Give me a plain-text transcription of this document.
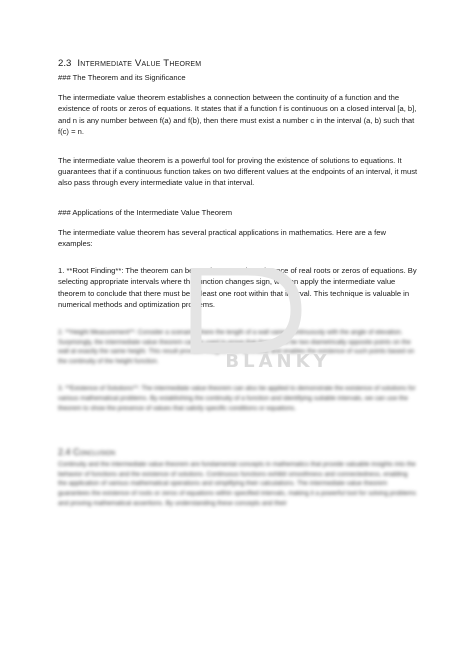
2.3 Intermediate Value Theorem

### The Theorem and its Significance

The intermediate value theorem establishes a connection between the continuity of a function and the existence of roots or zeros of equations. It states that if a function f is continuous on a closed interval [a, b], and n is any number between f(a) and f(b), then there must exist a number c in the interval (a, b) such that f(c) = n.

The intermediate value theorem is a powerful tool for proving the existence of solutions to equations. It guarantees that if a continuous function takes on two different values at the endpoints of an interval, it must also pass through every intermediate value in that interval.

### Applications of the Intermediate Value Theorem

The intermediate value theorem has several practical applications in mathematics. Here are a few examples:

1. **Root Finding**: The theorem can be used to prove the existence of real roots or zeros of equations. By selecting appropriate intervals where the function changes sign, we can apply the intermediate value theorem to conclude that there must be at least one root within that interval. This technique is valuable in numerical methods and optimization problems.

2. **Height Measurement**: Consider a scenario where the length of a wall varies continuously with the angle of elevation. Surprisingly, the intermediate value theorem can be used to prove that there must be two diametrically opposite points on the wall at exactly the same height. This result provides insights into symmetry and enables the existence of such points based on the continuity of the height function.

3. **Existence of Solutions**: The intermediate value theorem can also be applied to demonstrate the existence of solutions for various mathematical problems. By establishing the continuity of a function and identifying suitable intervals, we can use the theorem to show the presence of values that satisfy specific conditions or equations.

2.4 Conclusion

Continuity and the intermediate value theorem are fundamental concepts in mathematics that provide valuable insights into the behavior of functions and the existence of solutions. Continuous functions exhibit smoothness and connectedness, enabling the application of various mathematical operations and simplifying their calculations. The intermediate value theorem guarantees the existence of roots or zeros of equations within specified intervals, making it a powerful tool for solving problems and proving mathematical assertions. By understanding these concepts and their

BLANKY
